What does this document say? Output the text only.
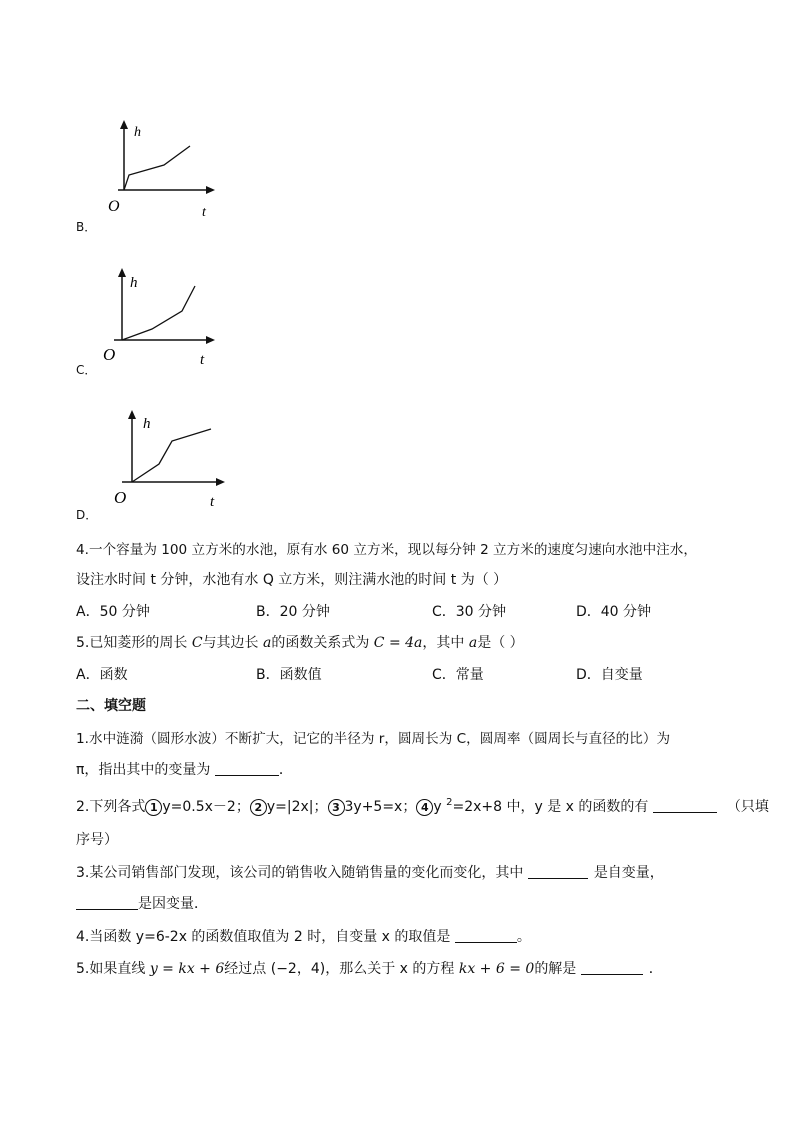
h
O	t
B．
h
O	t
C．
h
O	t
D．
4.一个容量为 100 立方米的水池，原有水 60 立方米，现以每分钟 2 立方米的速度匀速向水池中注水，
设注水时间 t 分钟，水池有水 Q 立方米，则注满水池的时间 t 为（ ）
A．50 分钟	B．20 分钟	C．30 分钟	D．40 分钟
5.已知菱形的周长 C与其边长 a的函数关系式为 C = 4a，其中 a是（ ）
A．函数	B．函数值	C．常量	D．自变量
二、填空题
1.水中涟漪（圆形水波）不断扩大，记它的半径为 r，圆周长为 C，圆周率（圆周长与直径的比）为
π，指出其中的变量为	．
2.下列各式 1 y=0.5x－2； 2 y=|2x|； 3 3y+5=x； 4 y $^2$=2x+8 中，y 是 x 的函数的有	（只填
序号）
3.某公司销售部门发现，该公司的销售收入随销售量的变化而变化，其中	是自变量，
是因变量．
4.当函数 y=6-2x 的函数值取值为 2 时，自变量 x 的取值是	。
5.如果直线 y = kx + 6经过点 (−2，4)，那么关于 x 的方程 kx + 6 = 0的解是	．
